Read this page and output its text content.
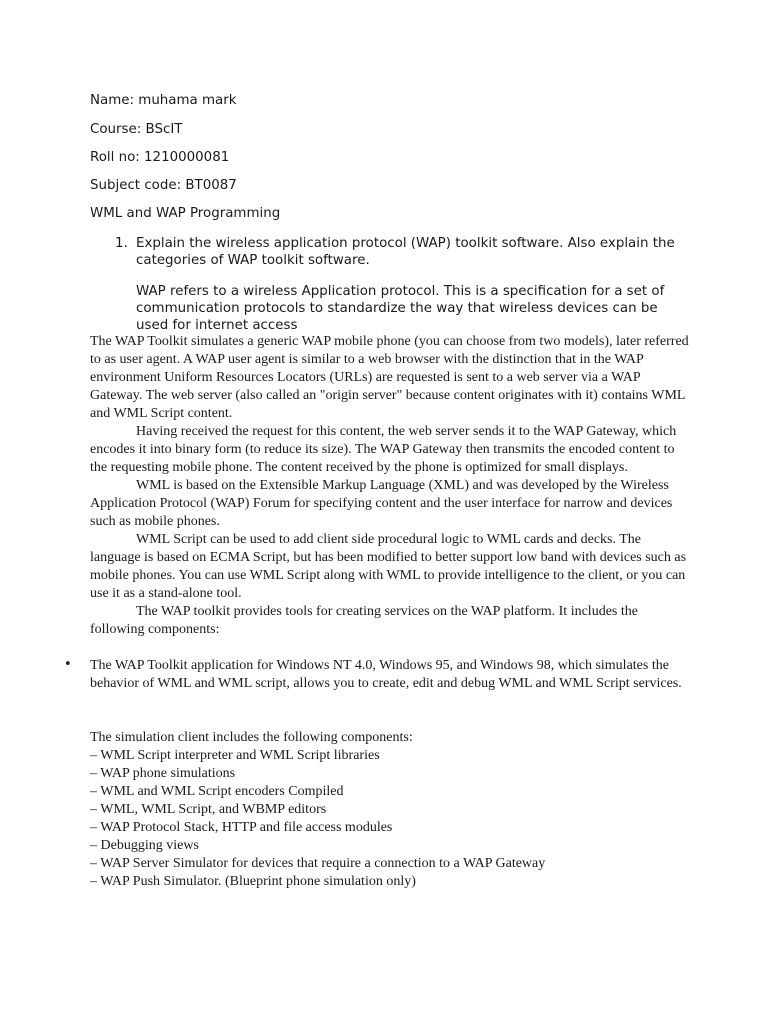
Name: muhama mark
Course: BScIT
Roll no: 1210000081
Subject code: BT0087
WML and WAP Programming
1. Explain the wireless application protocol (WAP) toolkit software. Also explain the categories of WAP toolkit software.
WAP refers to a wireless Application protocol. This is a specification for a set of communication protocols to standardize the way that wireless devices can be used for internet access

The WAP Toolkit simulates a generic WAP mobile phone (you can choose from two models), later referred to as user agent. A WAP user agent is similar to a web browser with the distinction that in the WAP environment Uniform Resources Locators (URLs) are requested is sent to a web server via a WAP Gateway. The web server (also called an "origin server" because content originates with it) contains WML and WML Script content.

Having received the request for this content, the web server sends it to the WAP Gateway, which encodes it into binary form (to reduce its size). The WAP Gateway then transmits the encoded content to the requesting mobile phone. The content received by the phone is optimized for small displays.

WML is based on the Extensible Markup Language (XML) and was developed by the Wireless Application Protocol (WAP) Forum for specifying content and the user interface for narrow and devices such as mobile phones.

WML Script can be used to add client side procedural logic to WML cards and decks. The language is based on ECMA Script, but has been modified to better support low band with devices such as mobile phones. You can use WML Script along with WML to provide intelligence to the client, or you can use it as a stand-alone tool.

The WAP toolkit provides tools for creating services on the WAP platform. It includes the following components:

• The WAP Toolkit application for Windows NT 4.0, Windows 95, and Windows 98, which simulates the behavior of WML and WML script, allows you to create, edit and debug WML and WML Script services.
The simulation client includes the following components:
– WML Script interpreter and WML Script libraries
– WAP phone simulations
– WML and WML Script encoders Compiled
– WML, WML Script, and WBMP editors
– WAP Protocol Stack, HTTP and file access modules
– Debugging views
– WAP Server Simulator for devices that require a connection to a WAP Gateway
– WAP Push Simulator. (Blueprint phone simulation only)
